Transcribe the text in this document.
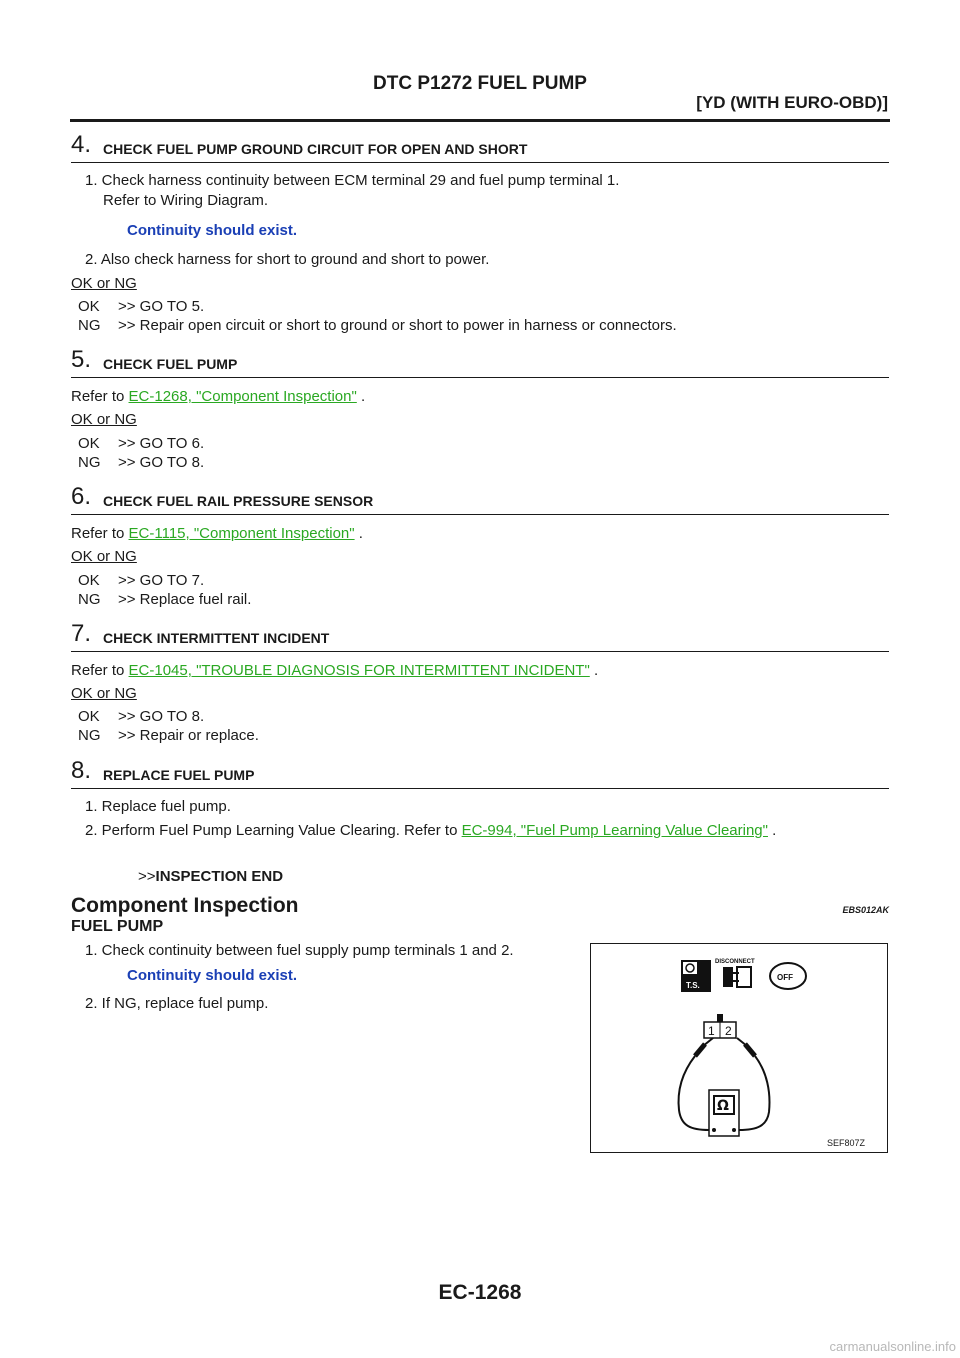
DTC P1272 FUEL PUMP
[YD (WITH EURO-OBD)]
4. CHECK FUEL PUMP GROUND CIRCUIT FOR OPEN AND SHORT
1. Check harness continuity between ECM terminal 29 and fuel pump terminal 1.
Refer to Wiring Diagram.
Continuity should exist.
2. Also check harness for short to ground and short to power.
OK or NG
OK >> GO TO 5.
NG >> Repair open circuit or short to ground or short to power in harness or connectors.
5. CHECK FUEL PUMP
Refer to EC-1268, "Component Inspection" .
OK or NG
OK >> GO TO 6.
NG >> GO TO 8.
6. CHECK FUEL RAIL PRESSURE SENSOR
Refer to EC-1115, "Component Inspection" .
OK or NG
OK >> GO TO 7.
NG >> Replace fuel rail.
7. CHECK INTERMITTENT INCIDENT
Refer to EC-1045, "TROUBLE DIAGNOSIS FOR INTERMITTENT INCIDENT" .
OK or NG
OK >> GO TO 8.
NG >> Repair or replace.
8. REPLACE FUEL PUMP
1. Replace fuel pump.
2. Perform Fuel Pump Learning Value Clearing. Refer to EC-994, "Fuel Pump Learning Value Clearing" .
>>INSPECTION END
Component Inspection	EBS012AK
FUEL PUMP
1. Check continuity between fuel supply pump terminals 1 and 2.
Continuity should exist.
2. If NG, replace fuel pump.
T.S.
DISCONNECT
OFF
1 2
Ω
SEF807Z
EC-1268
carmanualsonline.info
